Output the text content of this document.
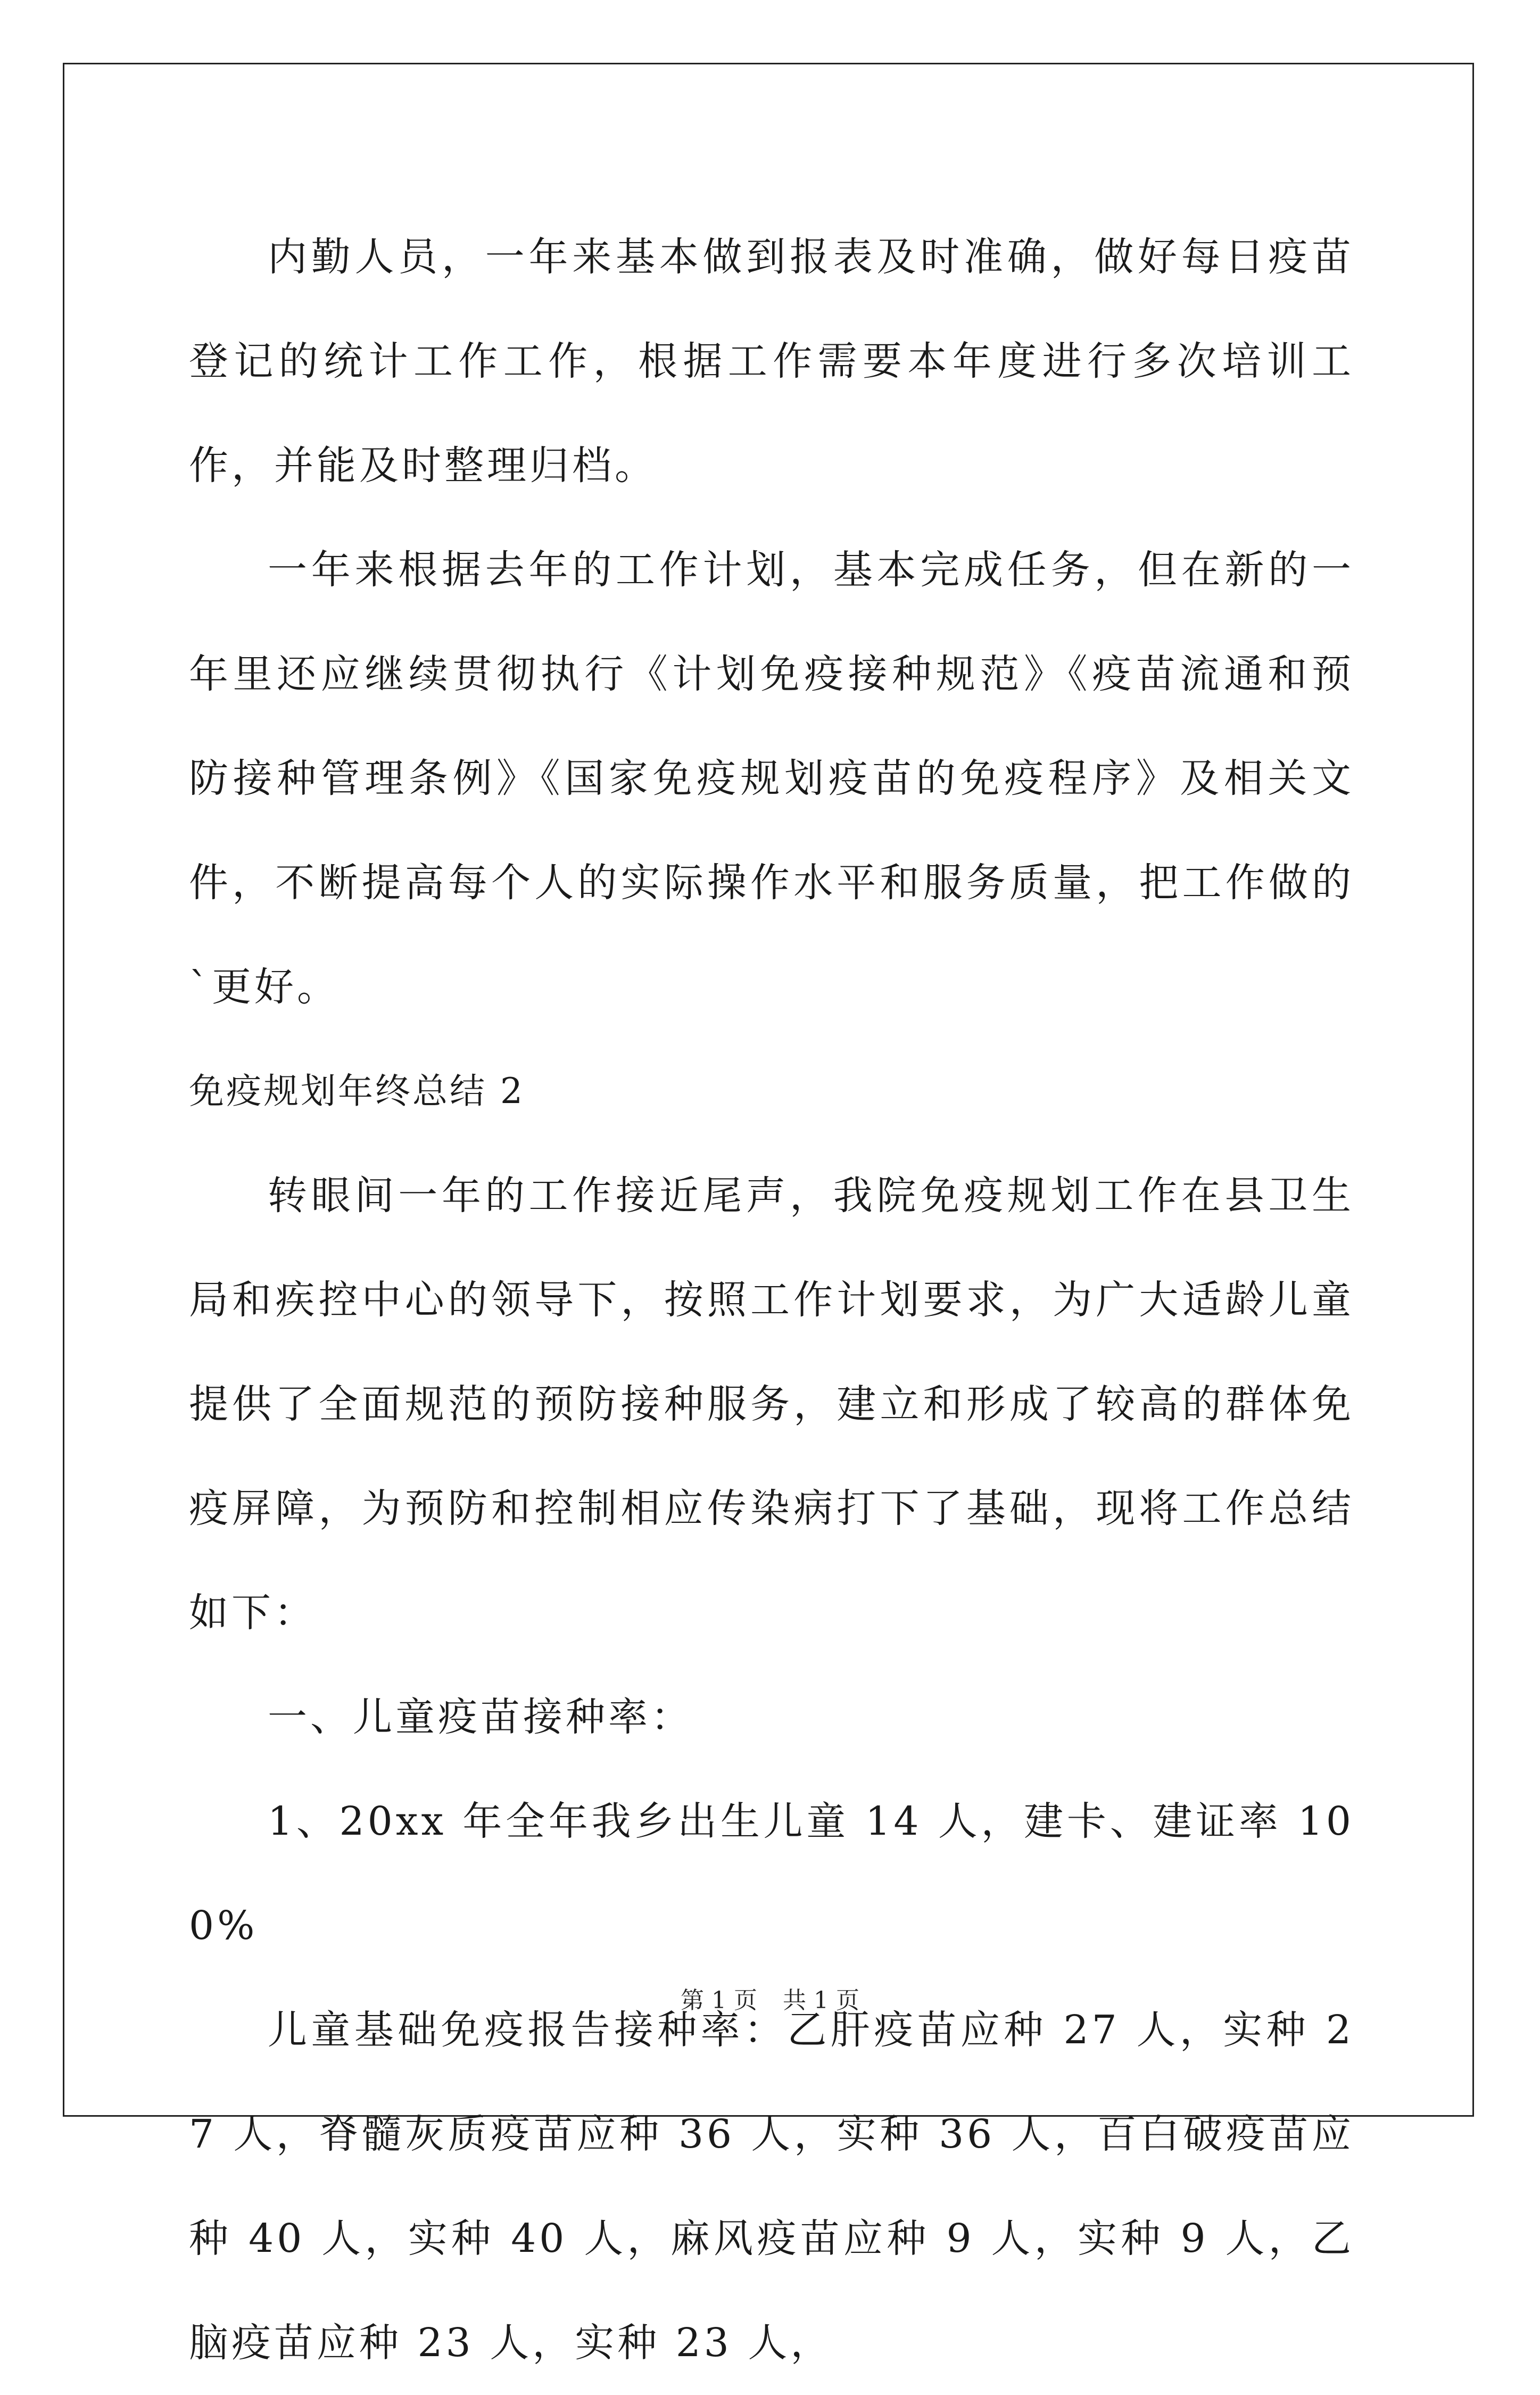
内勤人员，一年来基本做到报表及时准确，做好每日疫苗登记的统计工作工作，根据工作需要本年度进行多次培训工作，并能及时整理归档。

一年来根据去年的工作计划，基本完成任务，但在新的一年里还应继续贯彻执行《计划免疫接种规范》《疫苗流通和预防接种管理条例》《国家免疫规划疫苗的免疫程序》及相关文件，不断提高每个人的实际操作水平和服务质量，把工作做的`更好。

免疫规划年终总结 2

转眼间一年的工作接近尾声，我院免疫规划工作在县卫生局和疾控中心的领导下，按照工作计划要求，为广大适龄儿童提供了全面规范的预防接种服务，建立和形成了较高的群体免疫屏障，为预防和控制相应传染病打下了基础，现将工作总结如下：

一、儿童疫苗接种率：

1、20xx 年全年我乡出生儿童 14 人，建卡、建证率 100%

儿童基础免疫报告接种率：乙肝疫苗应种 27 人，实种 27 人，脊髓灰质疫苗应种 36 人，实种 36 人，百白破疫苗应种 40 人，实种 40 人，麻风疫苗应种 9 人，实种 9 人，乙脑疫苗应种 23 人，实种 23 人，

第 1 页 共 1 页
